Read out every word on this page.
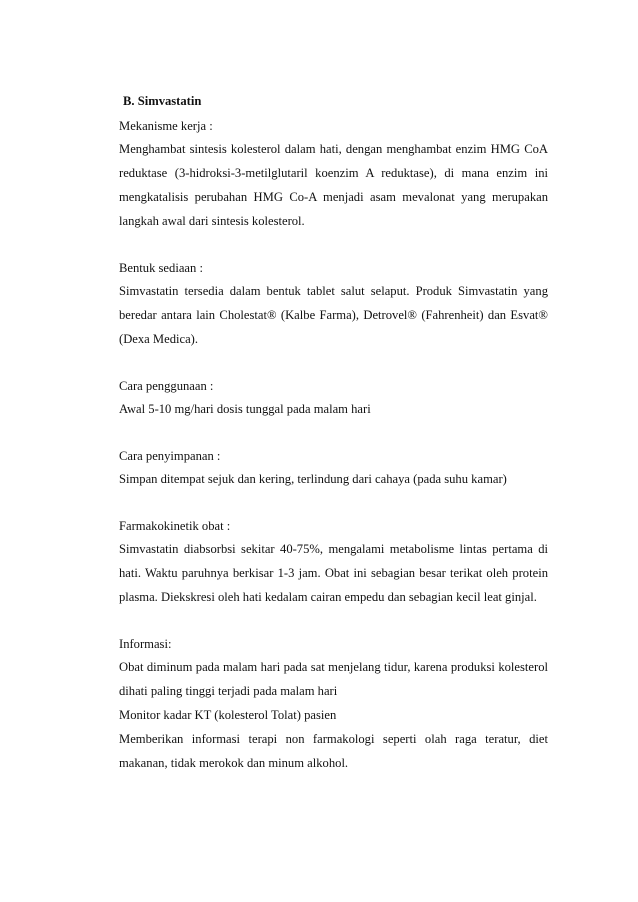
B. Simvastatin

Mekanisme kerja :

Menghambat sintesis kolesterol dalam hati, dengan menghambat enzim HMG CoA reduktase (3-hidroksi-3-metilglutaril koenzim A reduktase), di mana enzim ini mengkatalisis perubahan HMG Co-A menjadi asam mevalonat yang merupakan langkah awal dari sintesis kolesterol.

Bentuk sediaan :

Simvastatin tersedia dalam bentuk tablet salut selaput. Produk Simvastatin yang beredar antara lain Cholestat® (Kalbe Farma), Detrovel® (Fahrenheit) dan Esvat® (Dexa Medica).

Cara penggunaan :

Awal 5-10 mg/hari dosis tunggal pada malam hari

Cara penyimpanan :

Simpan ditempat sejuk dan kering, terlindung dari cahaya (pada suhu kamar)

Farmakokinetik obat :

Simvastatin diabsorbsi sekitar 40-75%, mengalami metabolisme lintas pertama di hati. Waktu paruhnya berkisar 1-3 jam. Obat ini sebagian besar terikat oleh protein plasma. Diekskresi oleh hati kedalam cairan empedu dan sebagian kecil leat ginjal.

Informasi:

Obat diminum pada malam hari pada sat menjelang tidur, karena produksi kolesterol dihati paling tinggi terjadi pada malam hari

Monitor kadar KT (kolesterol Tolat) pasien

Memberikan informasi terapi non farmakologi seperti olah raga teratur, diet makanan, tidak merokok dan minum alkohol.
